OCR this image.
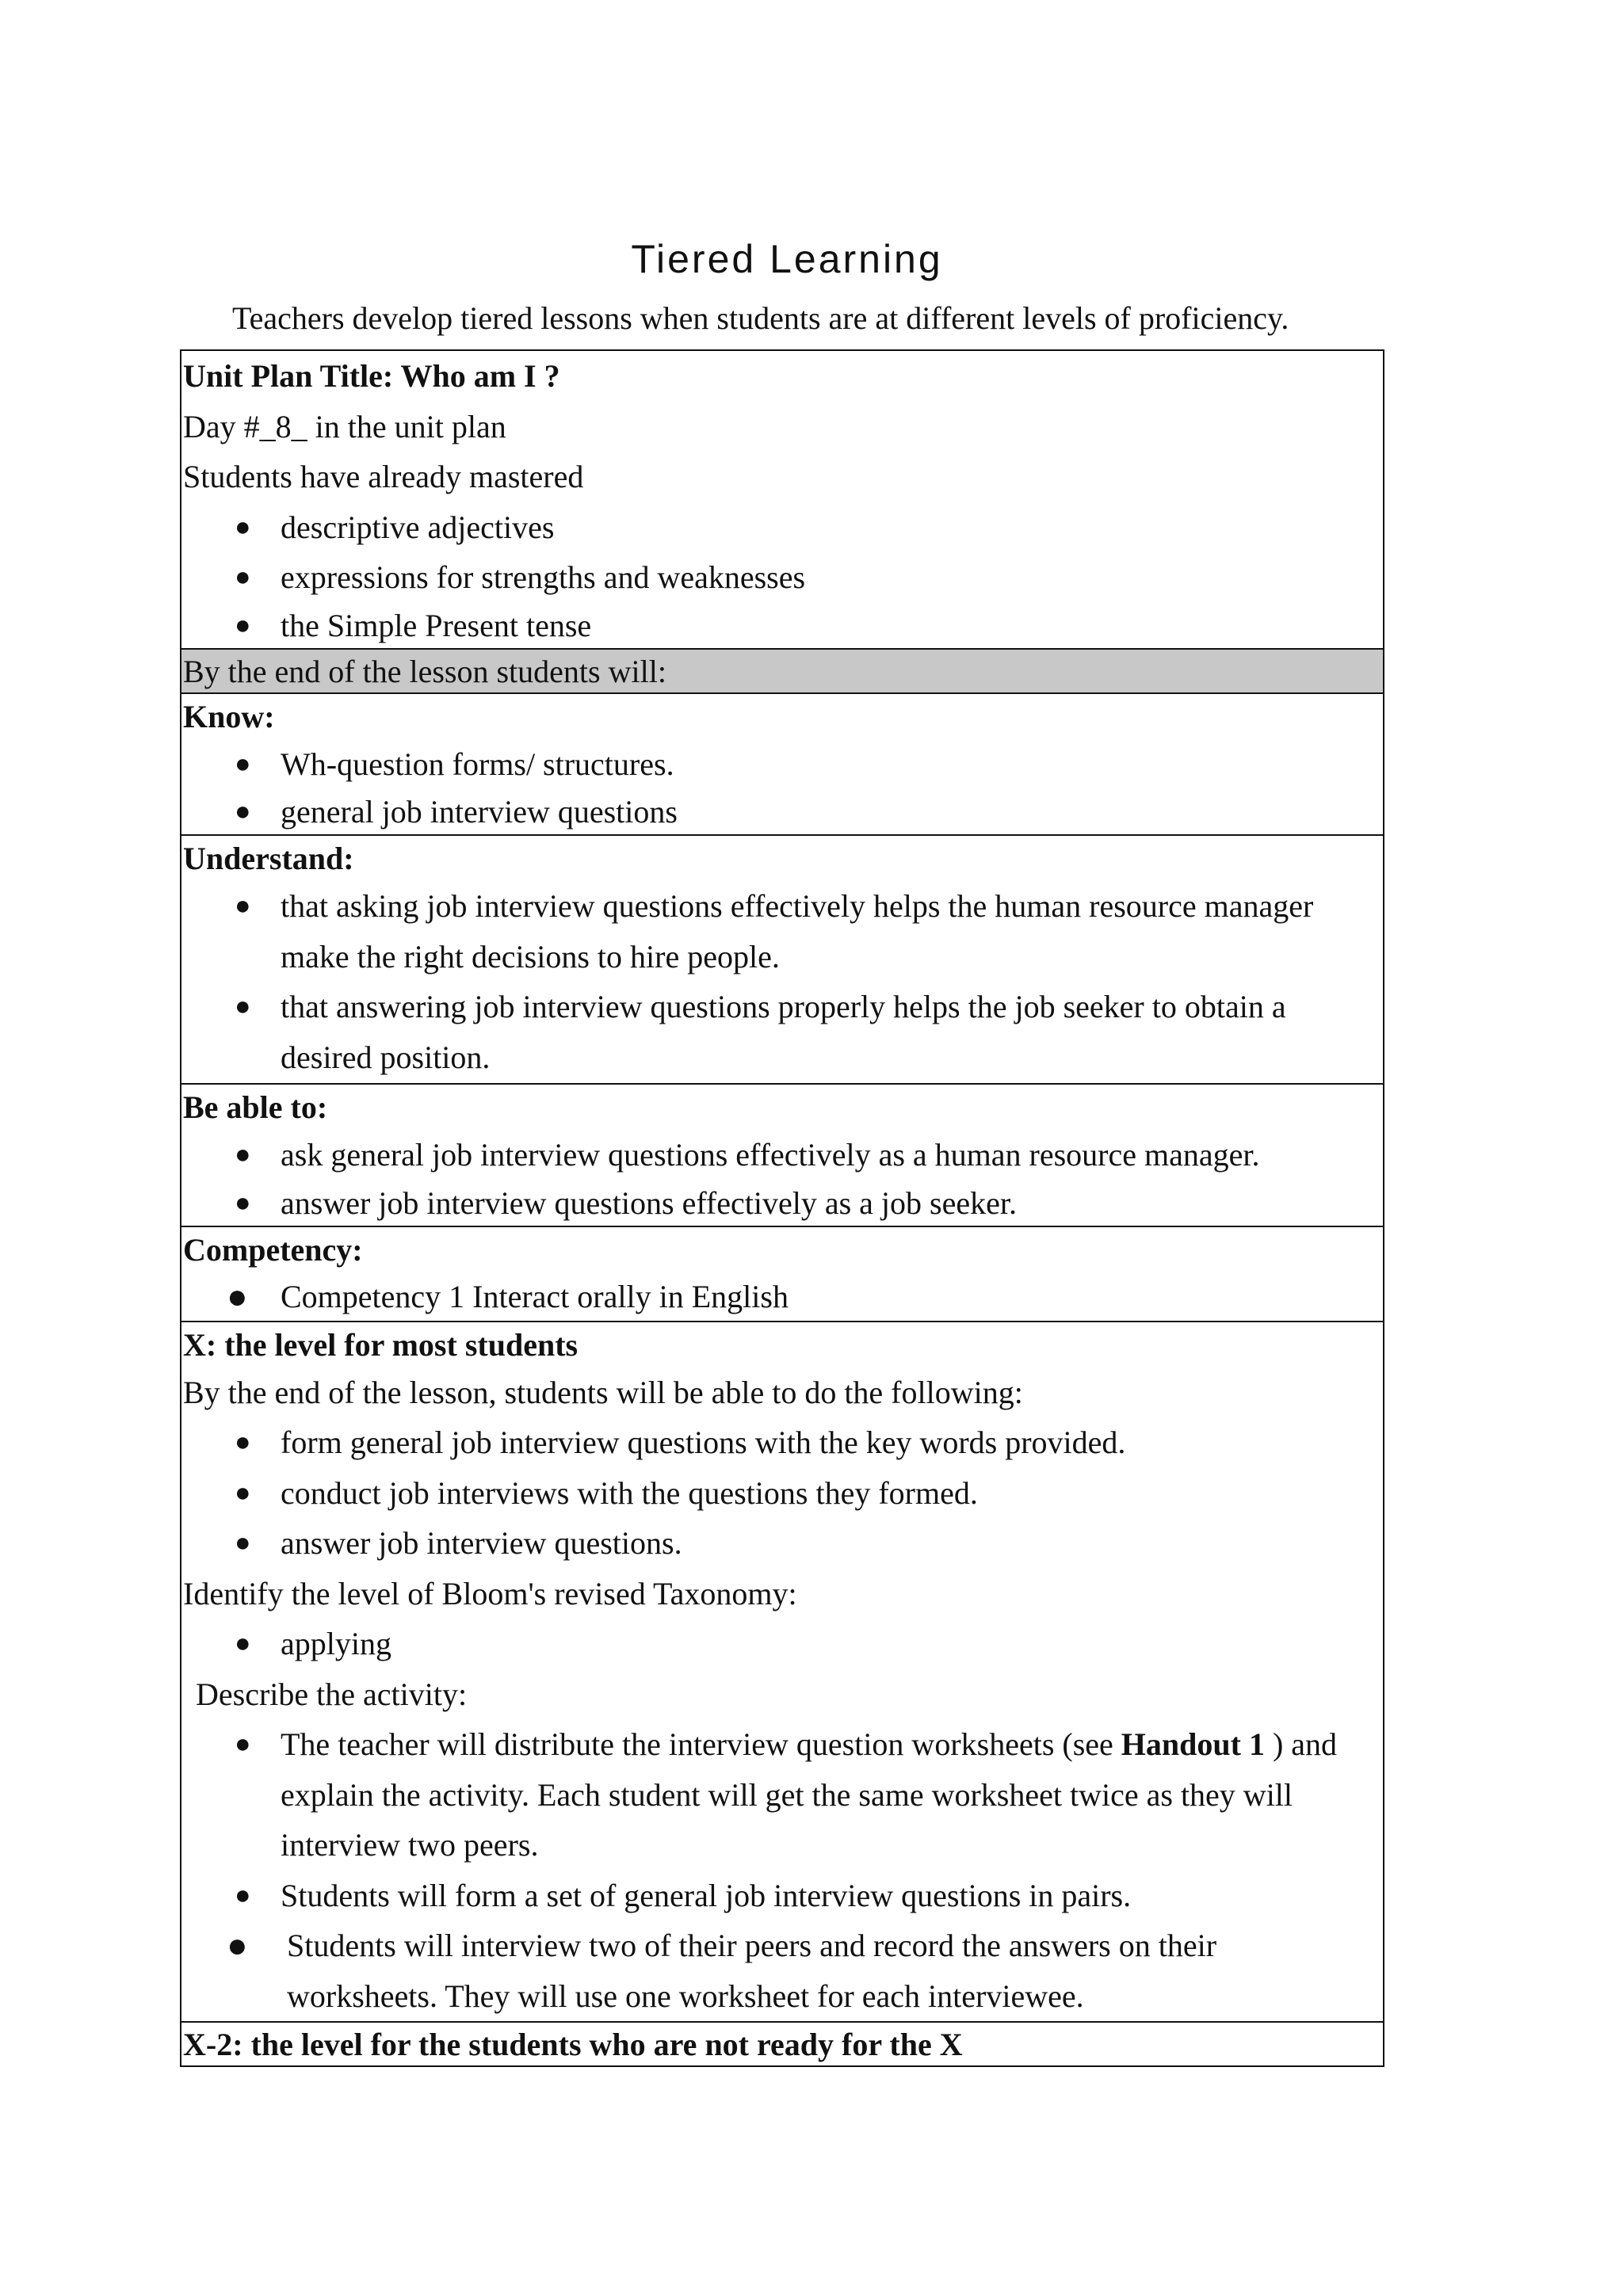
Tiered Learning
Teachers develop tiered lessons when students are at different levels of proficiency.
Unit Plan Title: Who am I ?
Day #_8_ in the unit plan
Students have already mastered
● descriptive adjectives
● expressions for strengths and weaknesses
● the Simple Present tense
By the end of the lesson students will:
Know:
● Wh-question forms/ structures.
● general job interview questions
Understand:
● that asking job interview questions effectively helps the human resource manager make the right decisions to hire people.
● that answering job interview questions properly helps the job seeker to obtain a desired position.
Be able to:
● ask general job interview questions effectively as a human resource manager.
● answer job interview questions effectively as a job seeker.
Competency:
● Competency 1 Interact orally in English
X: the level for most students
By the end of the lesson, students will be able to do the following:
● form general job interview questions with the key words provided.
● conduct job interviews with the questions they formed.
● answer job interview questions.
Identify the level of Bloom's revised Taxonomy:
● applying
Describe the activity:
● The teacher will distribute the interview question worksheets (see Handout 1 ) and explain the activity. Each student will get the same worksheet twice as they will interview two peers.
● Students will form a set of general job interview questions in pairs.
● Students will interview two of their peers and record the answers on their worksheets. They will use one worksheet for each interviewee.
X-2: the level for the students who are not ready for the X
